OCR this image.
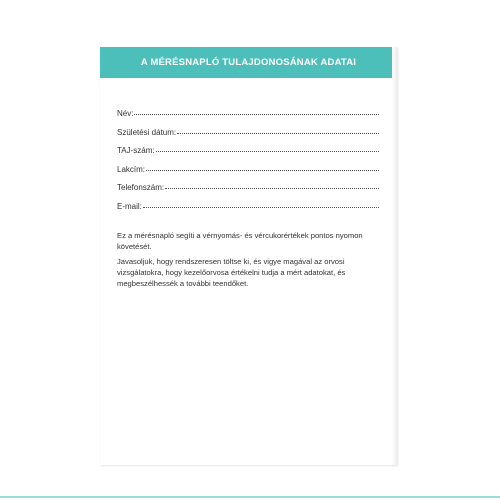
A MÉRÉSNAPLÓ TULAJDONOSÁNAK ADATAI
Név:
Születési dátum:
TAJ-szám:
Lakcím:
Telefonszám:
E-mail:

Ez a mérésnapló segíti a vérnyomás- és vércukorértékek pontos nyomon követését.

Javasoljuk, hogy rendszeresen töltse ki, és vigye magával az orvosi vizsgálatokra, hogy kezelőorvosa értékelni tudja a mért adatokat, és megbeszélhessék a további teendőket.
